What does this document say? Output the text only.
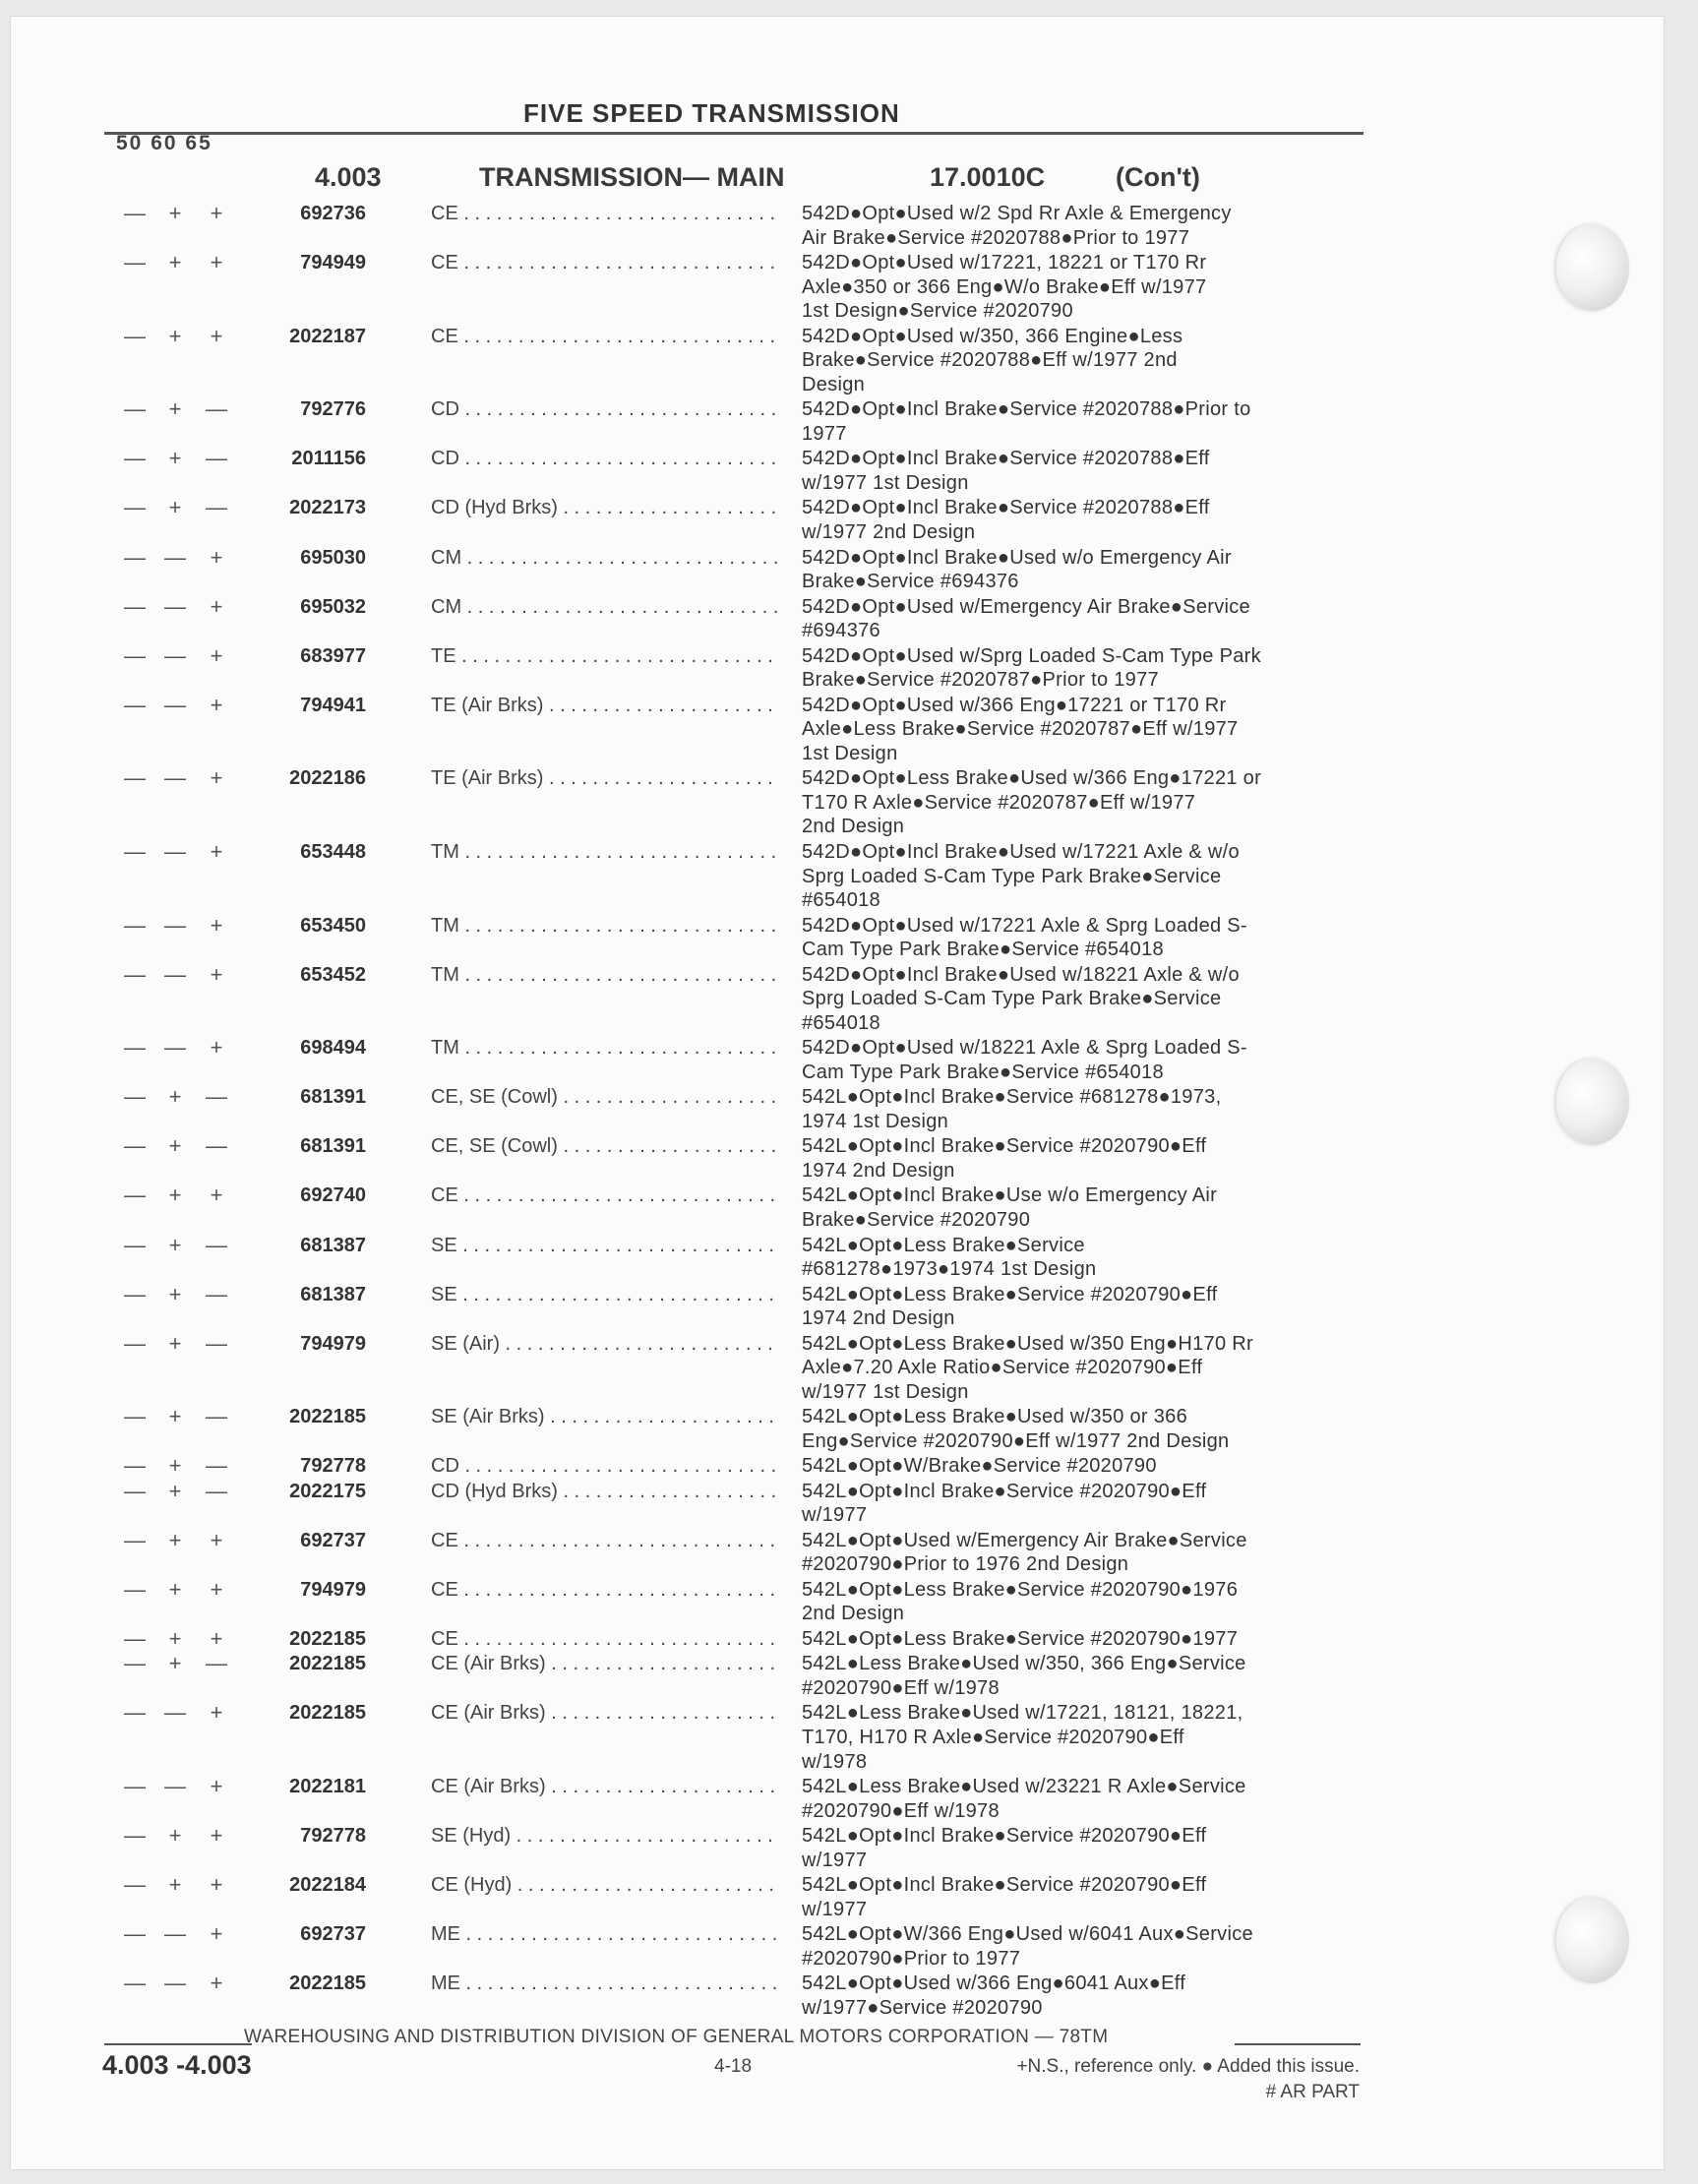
FIVE SPEED TRANSMISSION
50 60 65
4.003	TRANSMISSION— MAIN	17.0010C	(Con't)
—	+	+	692736	CE . . .	542D●Opt●Used w/2 Spd Rr Axle & Emergency
Air Brake●Service #2020788●Prior to 1977
—	+	+	794949	CE . . .	542D●Opt●Used w/17221, 18221 or T170 Rr
Axle●350 or 366 Eng●W/o Brake●Eff w/1977
1st Design●Service #2020790
—	+	+	2022187	CE . . .	542D●Opt●Used w/350, 366 Engine●Less
Brake●Service #2020788●Eff w/1977 2nd
Design
—	+	—	792776	CD . . .	542D●Opt●Incl Brake●Service #2020788●Prior to
1977
—	+	—	2011156	CD . . .	542D●Opt●Incl Brake●Service #2020788●Eff
w/1977 1st Design
—	+	—	2022173	CD (Hyd Brks) . . .	542D●Opt●Incl Brake●Service #2020788●Eff
w/1977 2nd Design
— —	+	695030	CM . . .	542D●Opt●Incl Brake●Used w/o Emergency Air
Brake●Service #694376
— —	+	695032	CM . . .	542D●Opt●Used w/Emergency Air Brake●Service
#694376
— —	+	683977	TE . . .	542D●Opt●Used w/Sprg Loaded S-Cam Type Park
Brake●Service #2020787●Prior to 1977
— —	+	794941	TE (Air Brks) . . .	542D●Opt●Used w/366 Eng●17221 or T170 Rr
Axle●Less Brake●Service #2020787●Eff w/1977
1st Design
— —	+	2022186	TE (Air Brks) . . .	542D●Opt●Less Brake●Used w/366 Eng●17221 or
T170 R Axle●Service #2020787●Eff w/1977
2nd Design
— —	+	653448	TM . . .	542D●Opt●Incl Brake●Used w/17221 Axle & w/o
Sprg Loaded S-Cam Type Park Brake●Service
#654018
— —	+	653450	TM . . .	542D●Opt●Used w/17221 Axle & Sprg Loaded S-
Cam Type Park Brake●Service #654018
— —	+	653452	TM . . .	542D●Opt●Incl Brake●Used w/18221 Axle & w/o
Sprg Loaded S-Cam Type Park Brake●Service
#654018
— —	+	698494	TM . . .	542D●Opt●Used w/18221 Axle & Sprg Loaded S-
Cam Type Park Brake●Service #654018
—	+	—	681391	CE, SE (Cowl) . . .	542L●Opt●Incl Brake●Service #681278●1973,
1974 1st Design
—	+	—	681391	CE, SE (Cowl) . . .	542L●Opt●Incl Brake●Service #2020790●Eff
1974 2nd Design
—	+	+	692740	CE . . .	542L●Opt●Incl Brake●Use w/o Emergency Air
Brake●Service #2020790
—	+	—	681387	SE . . .	542L●Opt●Less Brake●Service
#681278●1973●1974 1st Design
—	+	—	681387	SE . . .	542L●Opt●Less Brake●Service #2020790●Eff
1974 2nd Design
—	+	—	794979	SE (Air) . . .	542L●Opt●Less Brake●Used w/350 Eng●H170 Rr
Axle●7.20 Axle Ratio●Service #2020790●Eff
w/1977 1st Design
—	+	—	2022185	SE (Air Brks) . . .	542L●Opt●Less Brake●Used w/350 or 366
Eng●Service #2020790●Eff w/1977 2nd Design
—	+	—	792778	CD . . .	542L●Opt●W/Brake●Service #2020790
—	+	—	2022175	CD (Hyd Brks) . . .	542L●Opt●Incl Brake●Service #2020790●Eff
w/1977
—	+	+	692737	CE . . .	542L●Opt●Used w/Emergency Air Brake●Service
#2020790●Prior to 1976 2nd Design
—	+	+	794979	CE . . .	542L●Opt●Less Brake●Service #2020790●1976
2nd Design
—	+	+	2022185	CE . . .	542L●Opt●Less Brake●Service #2020790●1977
—	+	—	2022185	CE (Air Brks) . . .	542L●Less Brake●Used w/350, 366 Eng●Service
#2020790●Eff w/1978
— —	+	2022185	CE (Air Brks) . . .	542L●Less Brake●Used w/17221, 18121, 18221,
T170, H170 R Axle●Service #2020790●Eff
w/1978
— —	+	2022181	CE (Air Brks) . . .	542L●Less Brake●Used w/23221 R Axle●Service
#2020790●Eff w/1978
—	+	+	792778	SE (Hyd) . . .	542L●Opt●Incl Brake●Service #2020790●Eff
w/1977
—	+	+	2022184	CE (Hyd) . . .	542L●Opt●Incl Brake●Service #2020790●Eff
w/1977
— —	+	692737	ME . . .	542L●Opt●W/366 Eng●Used w/6041 Aux●Service
#2020790●Prior to 1977
— —	+	2022185	ME . . .	542L●Opt●Used w/366 Eng●6041 Aux●Eff
w/1977●Service #2020790
WAREHOUSING AND DISTRIBUTION DIVISION OF GENERAL MOTORS CORPORATION — 78TM
4.003 -4.003	4-18	+N.S., reference only. ● Added this issue.
# AR PART
